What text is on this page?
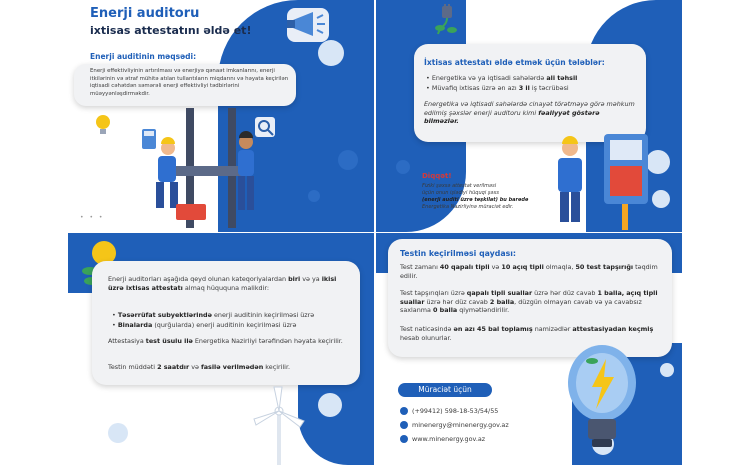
Enerji auditoru
ixtisas attestatını əldə et!
Enerji auditinin məqsədi:
Enerji effektivliyinin artırılması və enerjiyə qənaət imkanlarını, enerji itkilərinin və ətraf mühitə atılan tullantıların miqdarını və həyata keçirilən iqtisadi cəhətdən səmərəli enerji effektivliyi tədbirlərini müəyyənləşdirməkdir.
• • •
İxtisas attestatı əldə etmək üçün tələblər:
• Energetika və ya iqtisadi sahələrdə ali təhsil
• Müvafiq ixtisas üzrə ən azı 3 il iş təcrübəsi
Energetika və iqtisadi sahələrdə cinayət törətməyə görə məhkum edilmiş şəxslər enerji auditoru kimi fəaliyyət göstərə bilməzlər.
Diqqət!
Fiziki şəxsə attestat verilməsi
üçün onun işlədiyi hüquqi şəxs
(enerji auditi üzrə təşkilat) bu barədə
Energetika Nazirliyinə müraciət edir.
Enerji auditorları aşağıda qeyd olunan kateqoriyalardan biri və ya ikisi üzrə ixtisas attestatı almaq hüququna malikdir:
• Təsərrüfat subyektlərində enerji auditinin keçirilməsi üzrə
• Binalarda (qurğularda) enerji auditinin keçirilməsi üzrə
Attestasiya test üsulu ilə Energetika Nazirliyi tərəfindən həyata keçirilir.
Testin müddəti 2 saatdır və fasilə verilmədən keçirilir.
Testin keçirilməsi qaydası:
Test zamanı 40 qapalı tipli və 10 açıq tipli olmaqla, 50 test tapşırığı təqdim edilir.
Test tapşırıqları üzrə qapalı tipli suallar üzrə hər düz cavab 1 balla, açıq tipli suallar üzrə hər düz cavab 2 balla, düzgün olmayan cavab və ya cavabsız saxlanma 0 balla qiymətləndirilir.
Test nəticəsində ən azı 45 bal toplamış namizədlər attestasiyadan keçmiş hesab olunurlar.
Müraciət üçün
(+99412) 598-18-53/54/55
minenergy@minenergy.gov.az
www.minenergy.gov.az
